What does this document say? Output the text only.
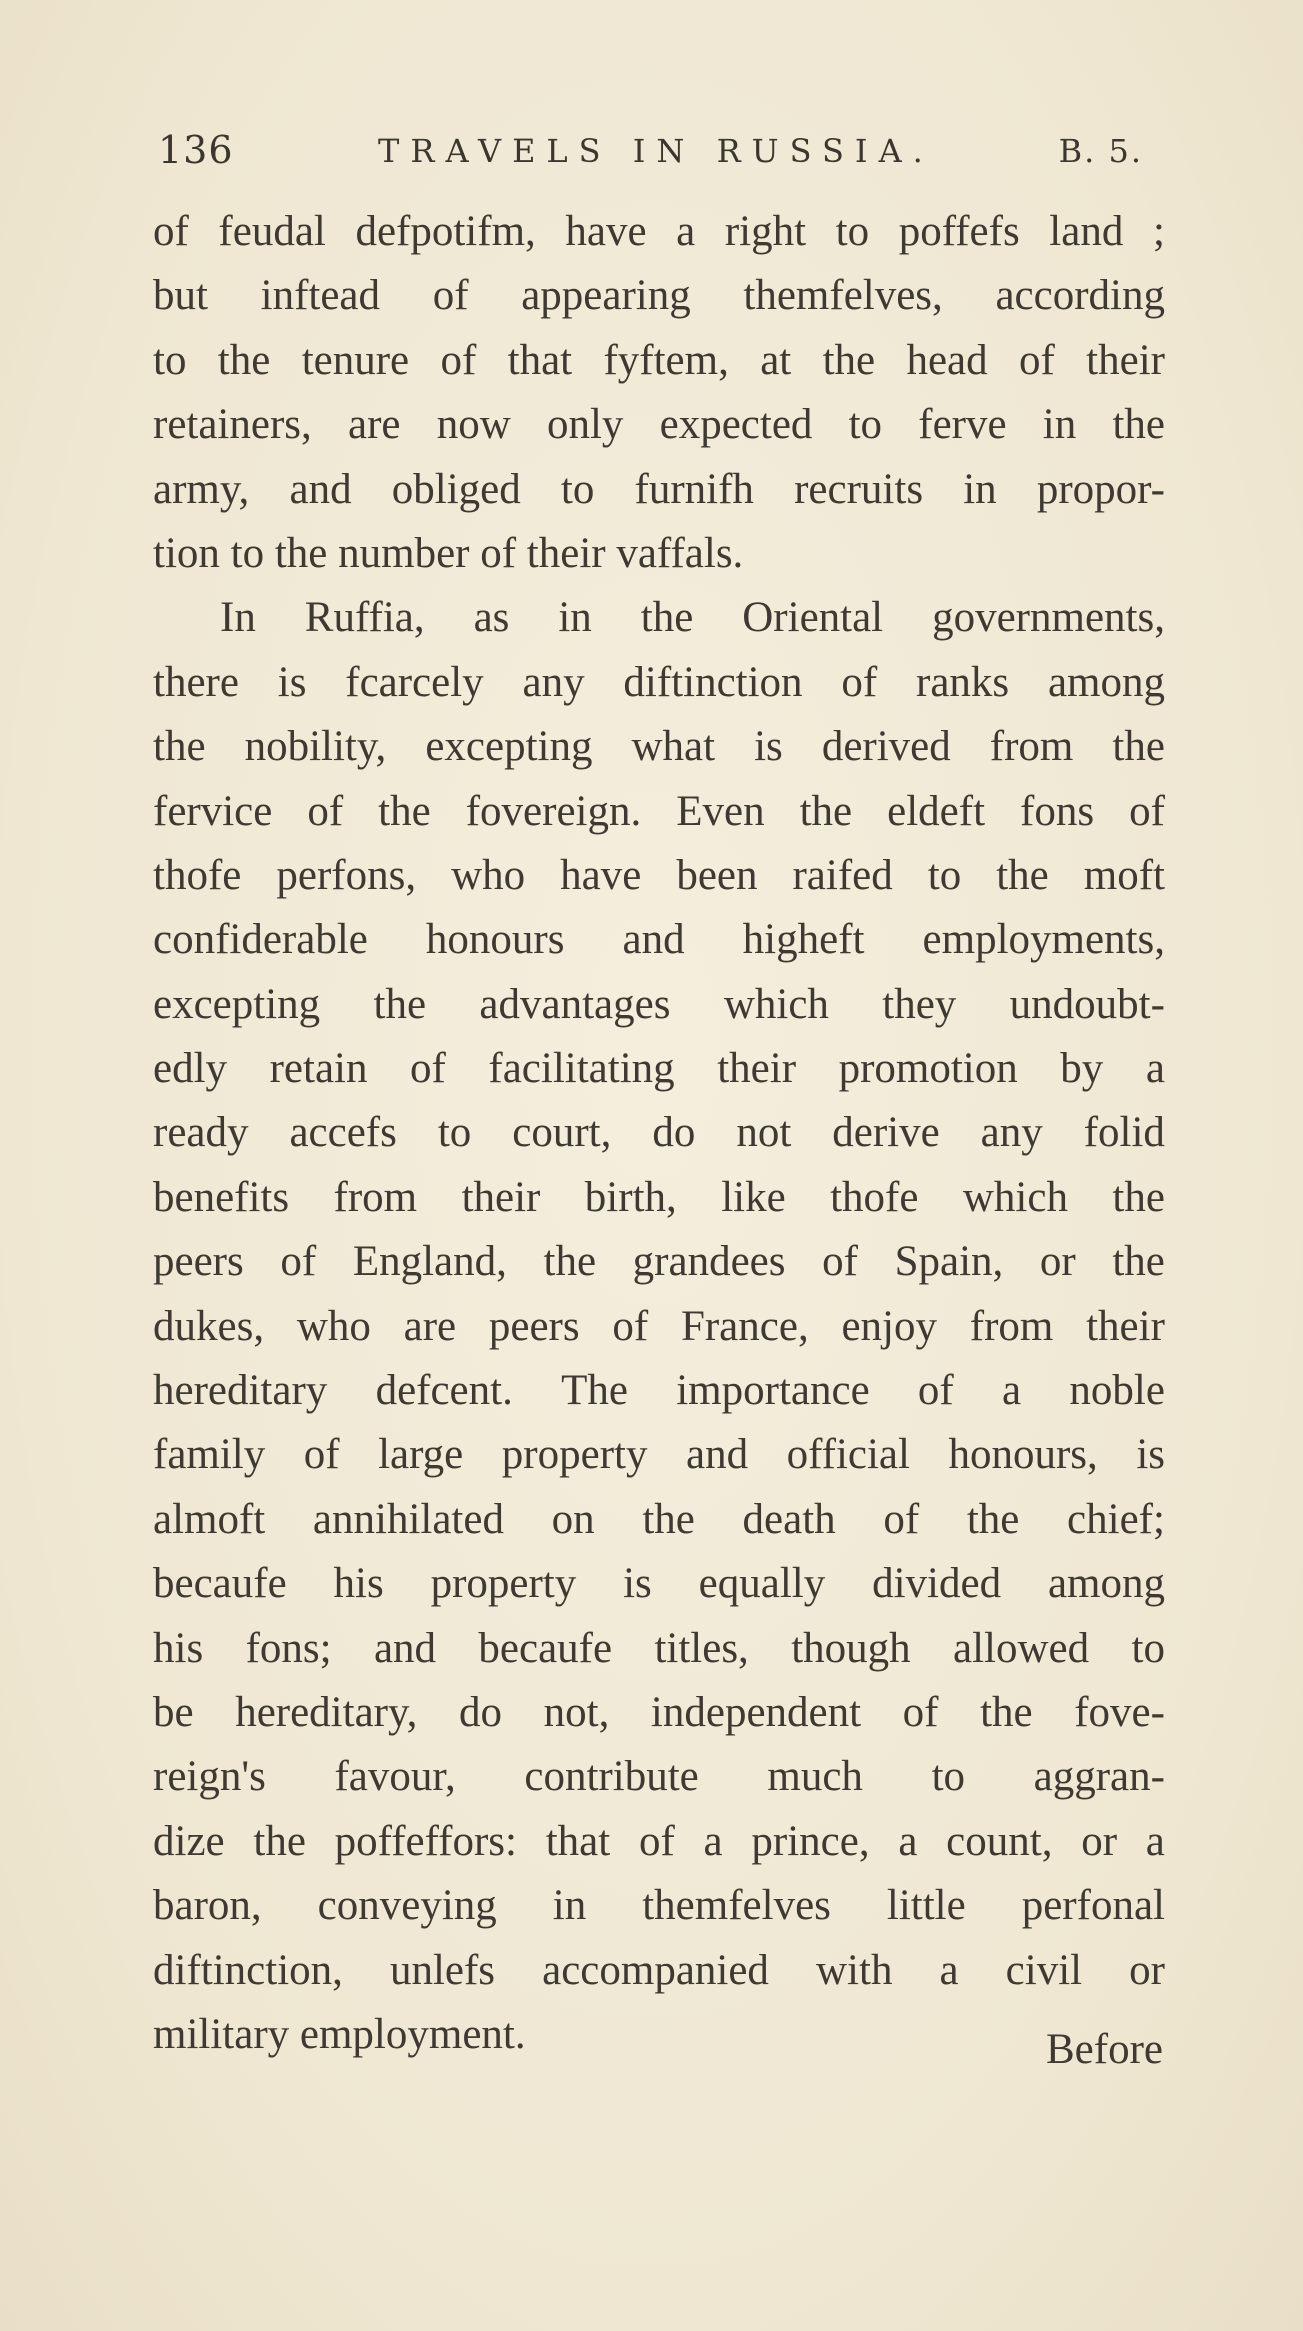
136	TRAVELS IN RUSSIA.	B. 5.
of feudal defpotifm, have a right to poffefs land ;
but inftead of appearing themfelves, according
to the tenure of that fyftem, at the head of their
retainers, are now only expected to ferve in the
army, and obliged to furnifh recruits in propor-
tion to the number of their vaffals.
In Ruffia, as in the Oriental governments,
there is fcarcely any diftinction of ranks among
the nobility, excepting what is derived from the
fervice of the fovereign. Even the eldeft fons of
thofe perfons, who have been raifed to the moft
confiderable honours and higheft employments,
excepting the advantages which they undoubt-
edly retain of facilitating their promotion by a
ready accefs to court, do not derive any folid
benefits from their birth, like thofe which the
peers of England, the grandees of Spain, or the
dukes, who are peers of France, enjoy from their
hereditary defcent. The importance of a noble
family of large property and official honours, is
almoft annihilated on the death of the chief;
becaufe his property is equally divided among
his fons; and becaufe titles, though allowed to
be hereditary, do not, independent of the fove-
reign's favour, contribute much to aggran-
dize the poffeffors: that of a prince, a count, or a
baron, conveying in themfelves little perfonal
diftinction, unlefs accompanied with a civil or
military employment.	Before
